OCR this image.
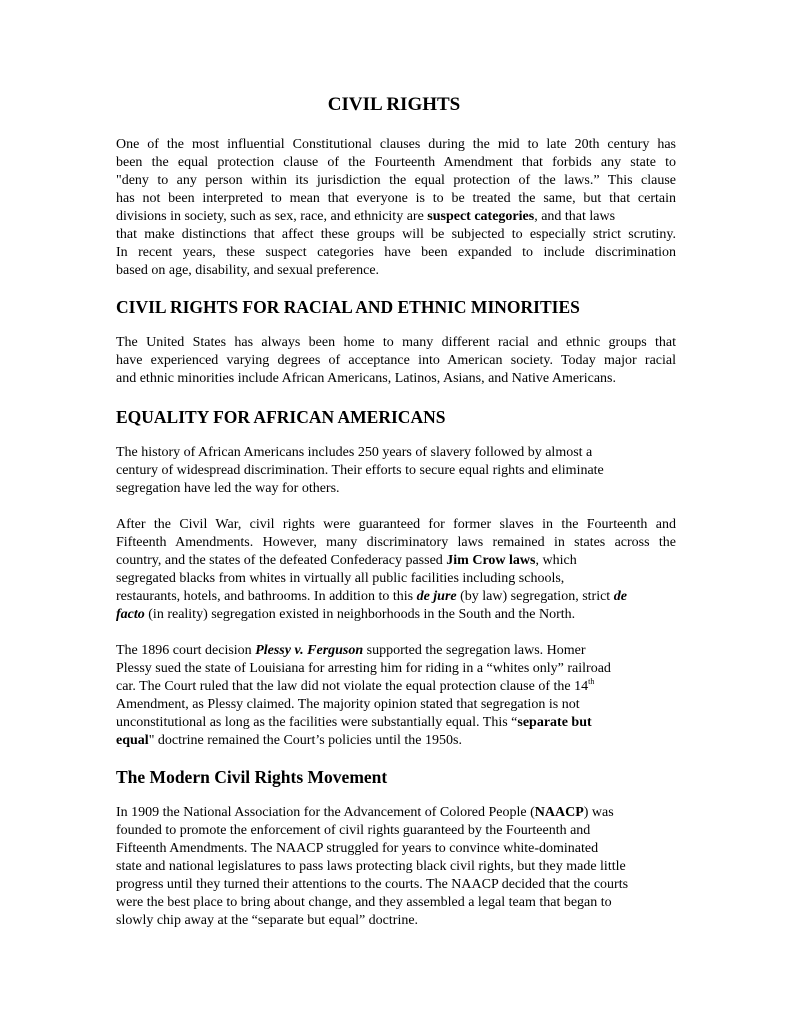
CIVIL RIGHTS

One of the most influential Constitutional clauses during the mid to late 20th century has
been the equal protection clause of the Fourteenth Amendment that forbids any state to
"deny to any person within its jurisdiction the equal protection of the laws.” This clause
has not been interpreted to mean that everyone is to be treated the same, but that certain
divisions in society, such as sex, race, and ethnicity are suspect categories, and that laws
that make distinctions that affect these groups will be subjected to especially strict scrutiny.
In recent years, these suspect categories have been expanded to include discrimination
based on age, disability, and sexual preference.

CIVIL RIGHTS FOR RACIAL AND ETHNIC MINORITIES

The United States has always been home to many different racial and ethnic groups that
have experienced varying degrees of acceptance into American society. Today major racial
and ethnic minorities include African Americans, Latinos, Asians, and Native Americans.

EQUALITY FOR AFRICAN AMERICANS

The history of African Americans includes 250 years of slavery followed by almost a
century of widespread discrimination. Their efforts to secure equal rights and eliminate
segregation have led the way for others.

After the Civil War, civil rights were guaranteed for former slaves in the Fourteenth and
Fifteenth Amendments. However, many discriminatory laws remained in states across the
country, and the states of the defeated Confederacy passed Jim Crow laws, which
segregated blacks from whites in virtually all public facilities including schools,
restaurants, hotels, and bathrooms. In addition to this de jure (by law) segregation, strict de
facto (in reality) segregation existed in neighborhoods in the South and the North.

The 1896 court decision Plessy v. Ferguson supported the segregation laws. Homer
Plessy sued the state of Louisiana for arresting him for riding in a “whites only” railroad
car. The Court ruled that the law did not violate the equal protection clause of the 14th
Amendment, as Plessy claimed. The majority opinion stated that segregation is not
unconstitutional as long as the facilities were substantially equal. This “separate but
equal" doctrine remained the Court’s policies until the 1950s.

The Modern Civil Rights Movement

In 1909 the National Association for the Advancement of Colored People (NAACP) was
founded to promote the enforcement of civil rights guaranteed by the Fourteenth and
Fifteenth Amendments. The NAACP struggled for years to convince white-dominated
state and national legislatures to pass laws protecting black civil rights, but they made little
progress until they turned their attentions to the courts. The NAACP decided that the courts
were the best place to bring about change, and they assembled a legal team that began to
slowly chip away at the “separate but equal” doctrine.
